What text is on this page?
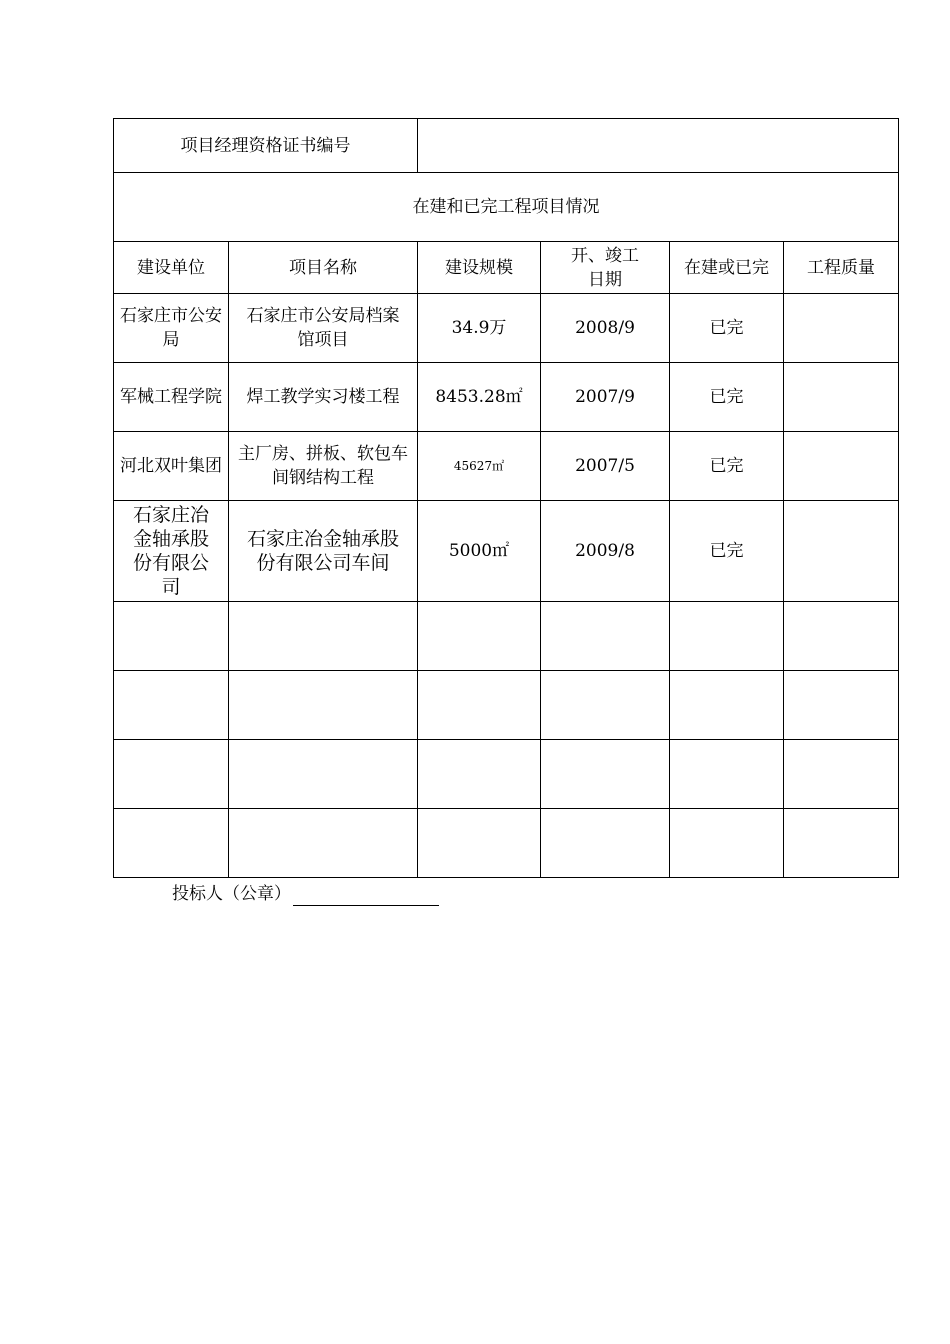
项目经理资格证书编号					
在建和已完工程项目情况					
建设单位	项目名称	建设规模	开、竣工日期	在建或已完	工程质量
石家庄市公安局	石家庄市公安局档案馆项目	34.9万	2008/9	已完	
军械工程学院	焊工教学实习楼工程	8453.28㎡	2007/9	已完	
河北双叶集团	主厂房、拼板、软包车间钢结构工程	45627㎡	2007/5	已完	
石家庄冶金轴承股份有限公司	石家庄冶金轴承股份有限公司车间	5000㎡	2009/8	已完	

投标人（公章）
